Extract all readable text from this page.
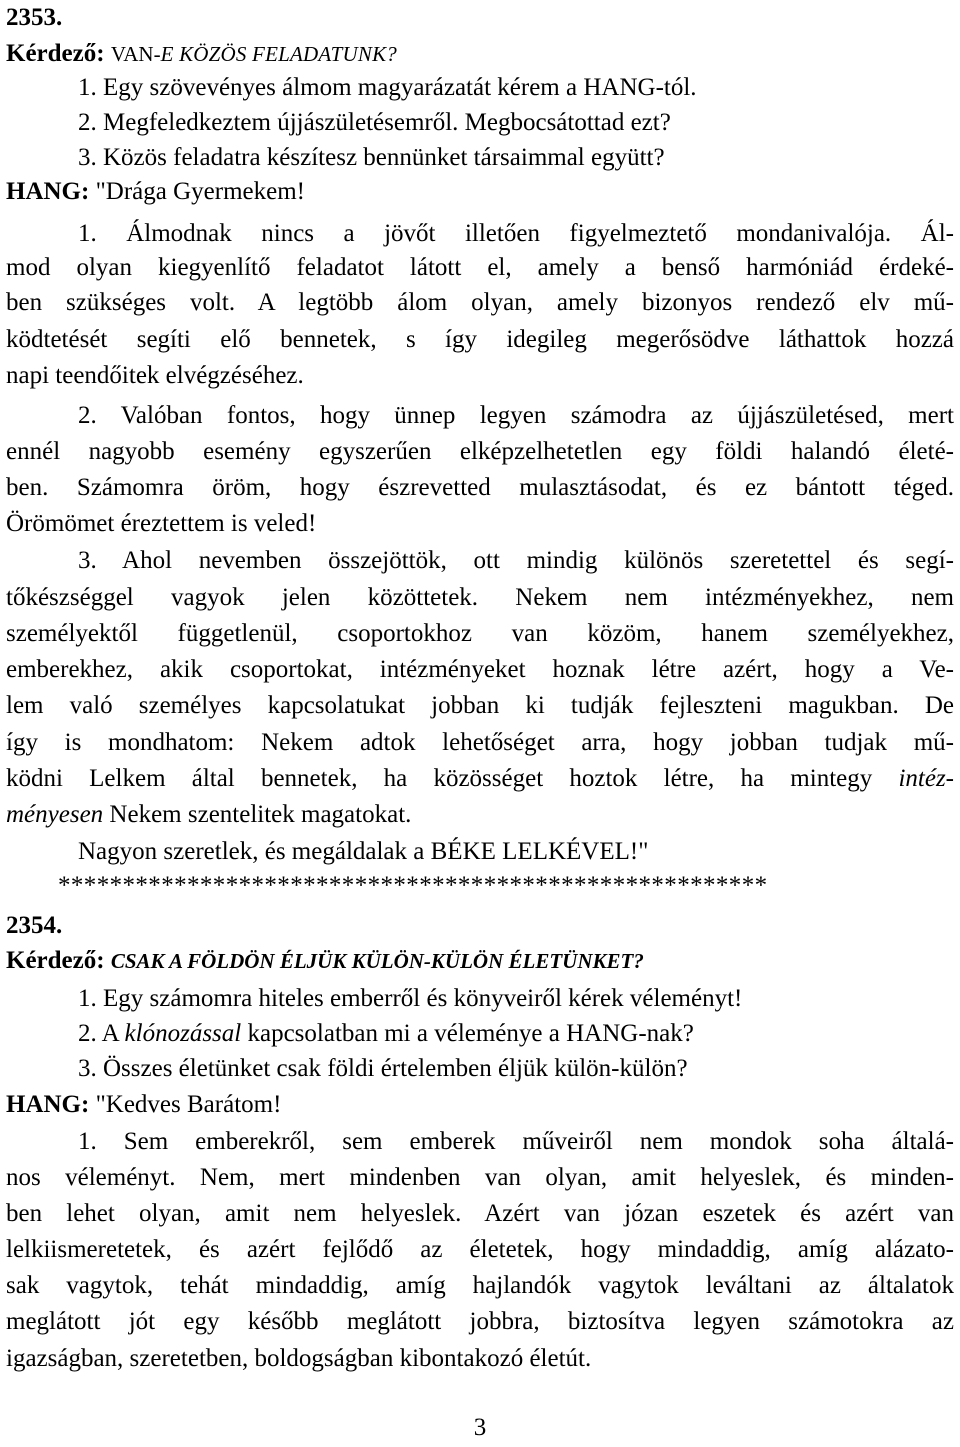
2353.
Kérdező: VAN-E KÖZÖS FELADATUNK?
1. Egy szövevényes álmom magyarázatát kérem a HANG-tól.
2. Megfeledkeztem újjászületésemről. Megbocsátottad ezt?
3. Közös feladatra készítesz bennünket társaimmal együtt?
HANG: "Drága Gyermekem!
1. Álmodnak nincs a jövőt illetően figyelmeztető mondanivalója. Ál-
mod olyan kiegyenlítő feladatot látott el, amely a benső harmóniád érdeké-
ben szükséges volt. A legtöbb álom olyan, amely bizonyos rendező elv mű-
ködtetését segíti elő bennetek, s így idegileg megerősödve láthattok hozzá
napi teendőitek elvégzéséhez.
2. Valóban fontos, hogy ünnep legyen számodra az újjászületésed, mert
ennél nagyobb esemény egyszerűen elképzelhetetlen egy földi halandó életé-
ben. Számomra öröm, hogy észrevetted mulasztásodat, és ez bántott téged.
Örömömet éreztettem is veled!
3. Ahol nevemben összejöttök, ott mindig különös szeretettel és segí-
tőkészséggel vagyok jelen közöttetek. Nekem nem intézményekhez, nem
személyektől függetlenül, csoportokhoz van közöm, hanem személyekhez,
emberekhez, akik csoportokat, intézményeket hoznak létre azért, hogy a Ve-
lem való személyes kapcsolatukat jobban ki tudják fejleszteni magukban. De
így is mondhatom: Nekem adtok lehetőséget arra, hogy jobban tudjak mű-
ködni Lelkem által bennetek, ha közösséget hoztok létre, ha mintegy intéz-
ményesen Nekem szentelitek magatokat.
Nagyon szeretlek, és megáldalak a BÉKE LELKÉVEL!"
*******************************************************
2354.
Kérdező: CSAK A FÖLDÖN ÉLJÜK KÜLÖN-KÜLÖN ÉLETÜNKET?
1. Egy számomra hiteles emberről és könyveiről kérek véleményt!
2. A klónozással kapcsolatban mi a véleménye a HANG-nak?
3. Összes életünket csak földi értelemben éljük külön-külön?
HANG: "Kedves Barátom!
1. Sem emberekről, sem emberek műveiről nem mondok soha általá-
nos véleményt. Nem, mert mindenben van olyan, amit helyeslek, és minden-
ben lehet olyan, amit nem helyeslek. Azért van józan eszetek és azért van
lelkiismeretetek, és azért fejlődő az életetek, hogy mindaddig, amíg alázato-
sak vagytok, tehát mindaddig, amíg hajlandók vagytok leváltani az általatok
meglátott jót egy később meglátott jobbra, biztosítva legyen számotokra az
igazságban, szeretetben, boldogságban kibontakozó életút.
3
